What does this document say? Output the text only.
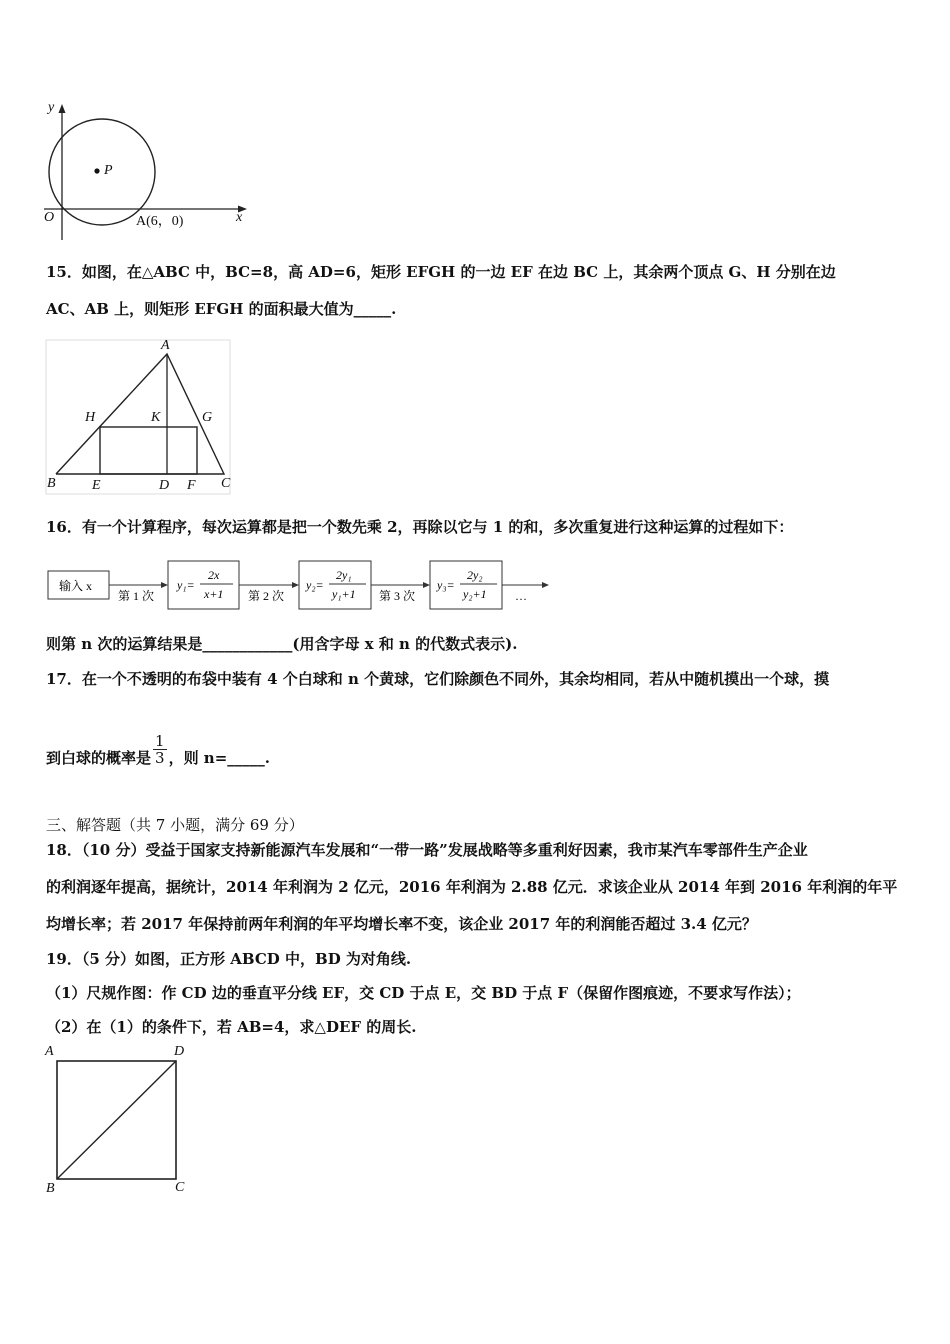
y
P
O	A(6，0)	x
15．如图，在△ABC 中，BC=8，高 AD=6，矩形 EFGH 的一边 EF 在边 BC 上，其余两个顶点 G、H 分别在边
AC、AB 上，则矩形 EFGH 的面积最大值为_____.
A
H	K	G
B	E	D F C
16．有一个计算程序，每次运算都是把一个数先乘 2，再除以它与 1 的和，多次重复进行这种运算的过程如下：
输入 x
第 1 次	第 2 次	第 3 次
y₁=
2x
x+1
y₂=
2y₁
y₁+1
y₃=
2y₂
y₂+1 …
则第 n 次的运算结果是____________(用含字母 x 和 n 的代数式表示).
17．在一个不透明的布袋中装有 4 个白球和 n 个黄球，它们除颜色不同外，其余均相同，若从中随机摸出一个球，摸
到白球的概率是 $\frac{1}{3}$ ，则 n=_____.
三、解答题（共 7 小题，满分 69 分）
18．（10 分）受益于国家支持新能源汽车发展和“一带一路”发展战略等多重利好因素，我市某汽车零部件生产企业
的利润逐年提高，据统计，2014 年利润为 2 亿元，2016 年利润为 2.88 亿元．求该企业从 2014 年到 2016 年利润的年平
均增长率；若 2017 年保持前两年利润的年平均增长率不变，该企业 2017 年的利润能否超过 3.4 亿元？
19．（5 分）如图，正方形 ABCD 中，BD 为对角线.
（1）尺规作图：作 CD 边的垂直平分线 EF，交 CD 于点 E，交 BD 于点 F（保留作图痕迹，不要求写作法）；
（2）在（1）的条件下，若 AB=4，求△DEF 的周长.
A	D
B	C
